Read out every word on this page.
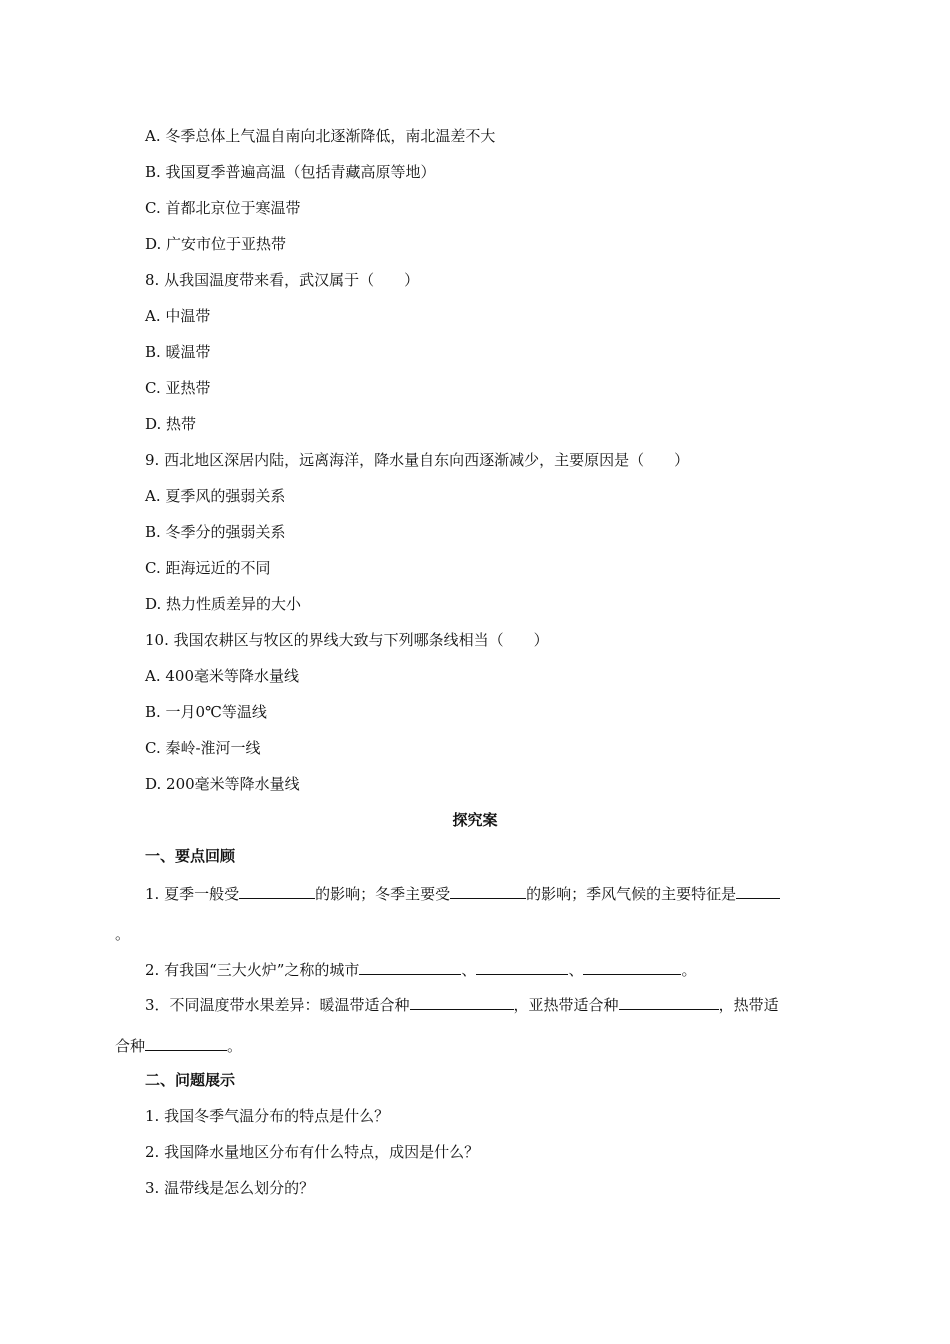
A. 冬季总体上气温自南向北逐渐降低，南北温差不大
B. 我国夏季普遍高温（包括青藏高原等地）
C. 首都北京位于寒温带
D. 广安市位于亚热带
8. 从我国温度带来看，武汉属于（　　）
A. 中温带
B. 暖温带
C. 亚热带
D. 热带
9. 西北地区深居内陆，远离海洋，降水量自东向西逐渐减少，主要原因是（　　）
A. 夏季风的强弱关系
B. 冬季分的强弱关系
C. 距海远近的不同
D. 热力性质差异的大小
10. 我国农耕区与牧区的界线大致与下列哪条线相当（　　）
A. 400毫米等降水量线
B. 一月0℃等温线
C. 秦岭-淮河一线
D. 200毫米等降水量线
探究案
一、要点回顾
1. 夏季一般受	的影响；冬季主要受	的影响；季风气候的主要特征是
。
2. 有我国“三大火炉”之称的城市	、	、	。
3．不同温度带水果差异：暖温带适合种	，亚热带适合种	，热带适
合种	。
二、问题展示
1. 我国冬季气温分布的特点是什么？
2. 我国降水量地区分布有什么特点，成因是什么？
3. 温带线是怎么划分的？
